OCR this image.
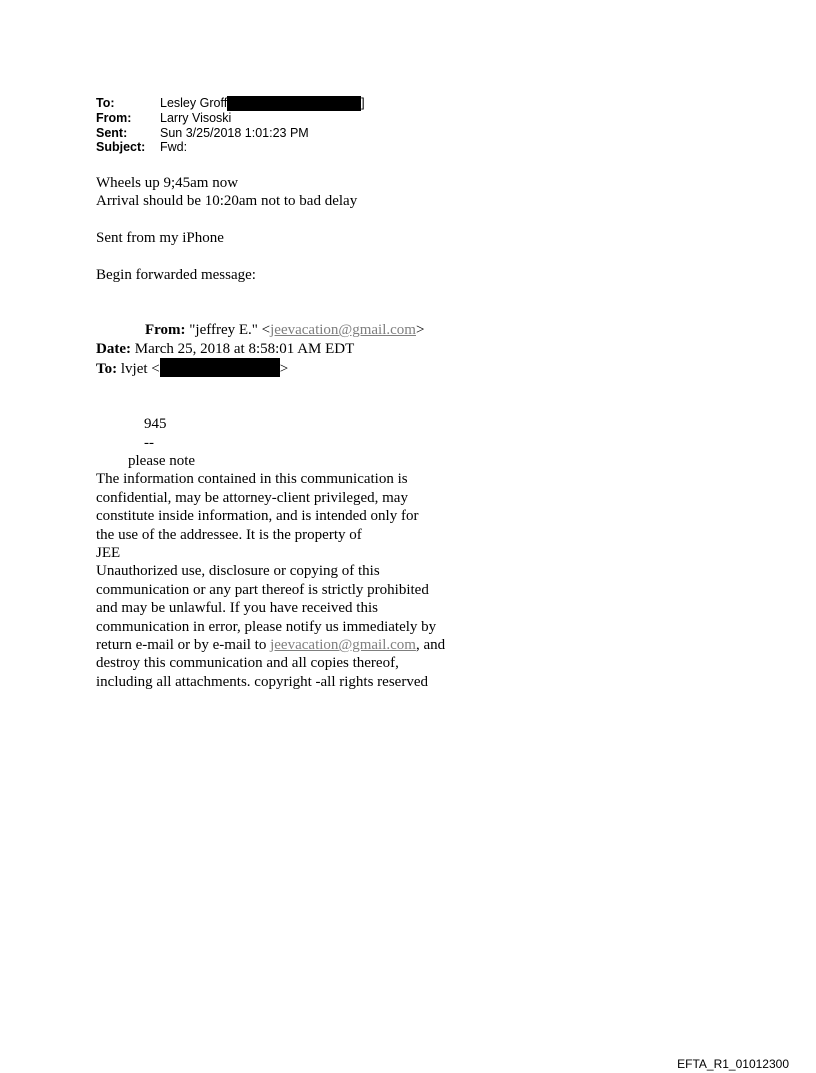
To:	Lesley Groff	]
From:	Larry Visoski
Sent:	Sun 3/25/2018 1:01:23 PM
Subject:	Fwd:
Wheels up 9;45am now
Arrival should be 10:20am not to bad delay
Sent from my iPhone
Begin forwarded message:
From: "jeffrey E." <jeevacation@gmail.com>
Date: March 25, 2018 at 8:58:01 AM EDT
To: lvjet <	>
945
--
please note
The information contained in this communication is
confidential, may be attorney-client privileged, may
constitute inside information, and is intended only for
the use of the addressee. It is the property of
JEE
Unauthorized use, disclosure or copying of this
communication or any part thereof is strictly prohibited
and may be unlawful. If you have received this
communication in error, please notify us immediately by
return e-mail or by e-mail to jeevacation@gmail.com, and
destroy this communication and all copies thereof,
including all attachments. copyright -all rights reserved
EFTA_R1_01012300
